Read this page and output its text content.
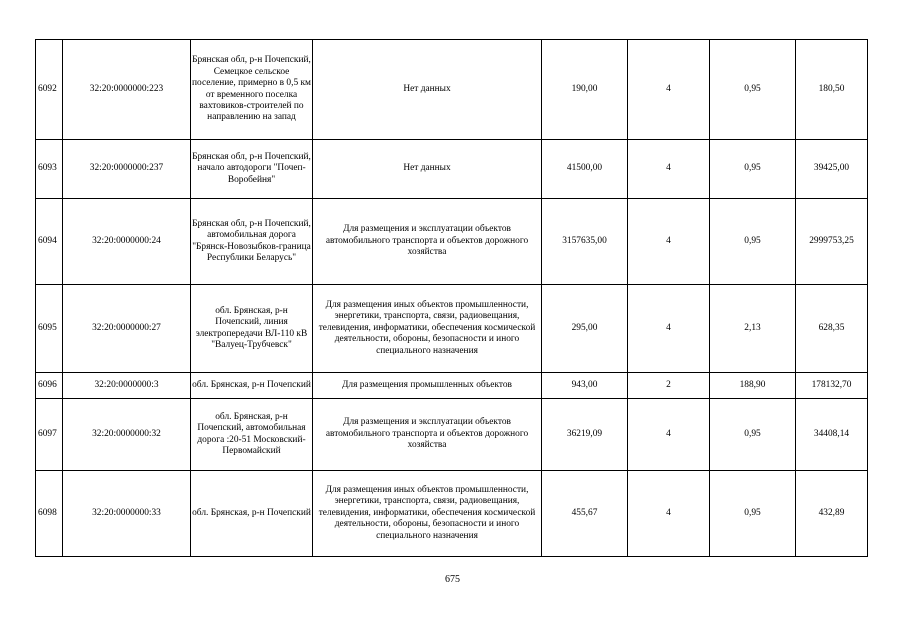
6092	32:20:0000000:223	Брянская обл, р-н Почепский, Семецкое сельское поселение, примерно в 0,5 км от временного поселка вахтовиков-строителей по направлению на запад	Нет данных	190,00	4	0,95	180,50
6093	32:20:0000000:237	Брянская обл, р-н Почепский, начало автодороги "Почеп-Воробейня"	Нет данных	41500,00	4	0,95	39425,00
6094	32:20:0000000:24	Брянская обл, р-н Почепский, автомобильная дорога "Брянск-Новозыбков-граница Республики Беларусь"	Для размещения и эксплуатации объектов автомобильного транспорта и объектов дорожного хозяйства	3157635,00	4	0,95	2999753,25
6095	32:20:0000000:27	обл. Брянская, р-н Почепский, линия электропередачи ВЛ-110 кВ "Валуец-Трубчевск"	Для размещения иных объектов промышленности, энергетики, транспорта, связи, радиовещания, телевидения, информатики, обеспечения космической деятельности, обороны, безопасности и иного специального назначения	295,00	4	2,13	628,35
6096	32:20:0000000:3	обл. Брянская, р-н Почепский	Для размещения промышленных объектов	943,00	2	188,90	178132,70
6097	32:20:0000000:32	обл. Брянская, р-н Почепский, автомобильная дорога :20-51 Московский-Первомайский	Для размещения и эксплуатации объектов автомобильного транспорта и объектов дорожного хозяйства	36219,09	4	0,95	34408,14
6098	32:20:0000000:33	обл. Брянская, р-н Почепский	Для размещения иных объектов промышленности, энергетики, транспорта, связи, радиовещания, телевидения, информатики, обеспечения космической деятельности, обороны, безопасности и иного специального назначения	455,67	4	0,95	432,89
675
